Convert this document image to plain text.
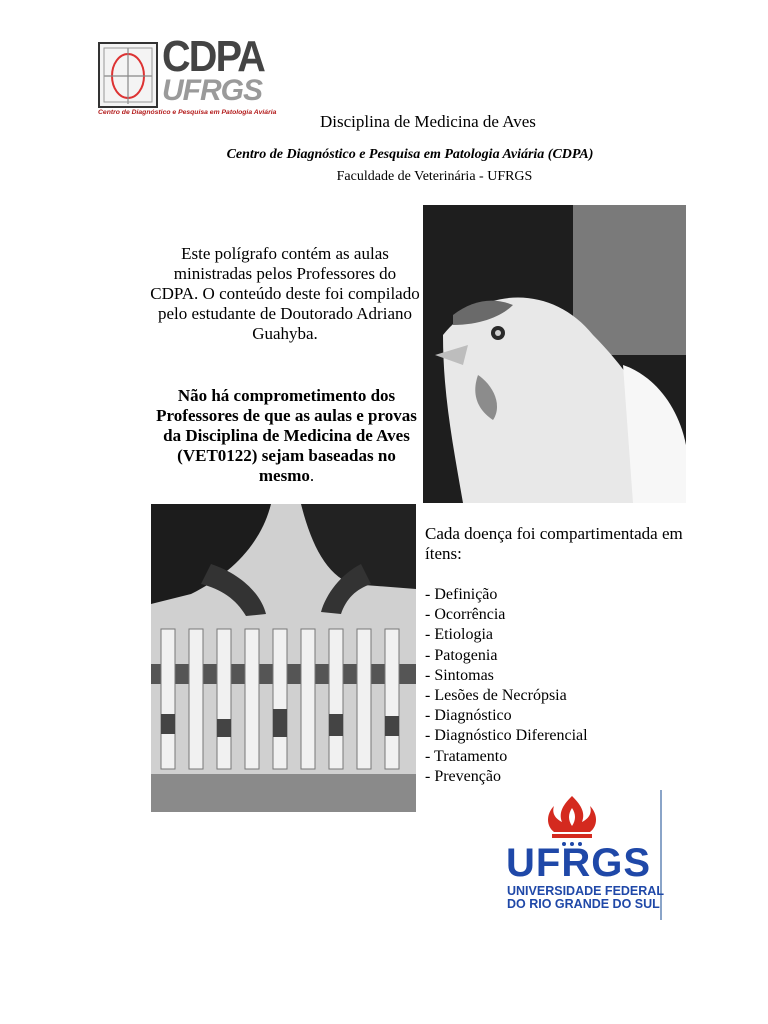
CDPA
UFRGS
Centro de Diagnóstico e Pesquisa em Patologia Aviária	Disciplina de Medicina de Aves
Centro de Diagnóstico e Pesquisa em Patologia Aviária (CDPA)
Faculdade de Veterinária - UFRGS
Este polígrafo contém as aulas ministradas pelos Professores do CDPA. O conteúdo deste foi compilado pelo estudante de Doutorado Adriano Guahyba.
Não há comprometimento dos Professores de que as aulas e provas da Disciplina de Medicina de Aves (VET0122) sejam baseadas no mesmo.
Cada doença foi compartimentada em ítens:
- Definição
- Ocorrência
- Etiologia
- Patogenia
- Sintomas
- Lesões de Necrópsia
- Diagnóstico
- Diagnóstico Diferencial
- Tratamento
- Prevenção
UFRGS
UNIVERSIDADE FEDERAL
DO RIO GRANDE DO SUL
